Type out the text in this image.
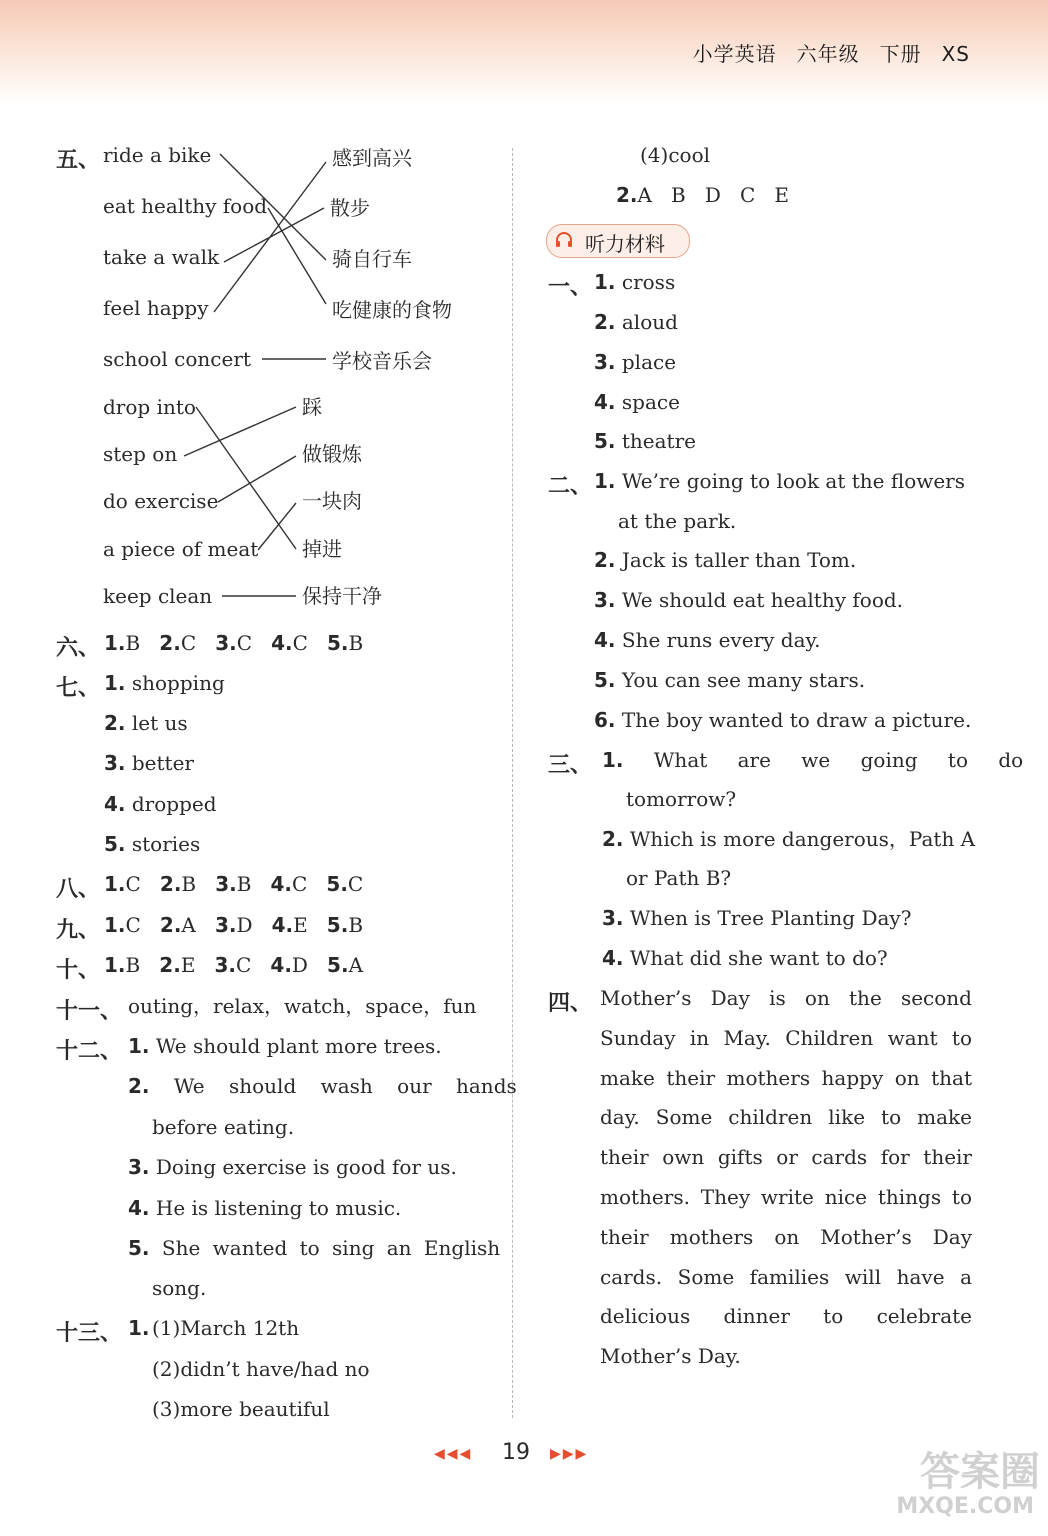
小学英语 六年级 下册 XS
五、 ride a bike
eat healthy food
take a walk
feel happy
school concert
drop into
step on
do exercise
a piece of meat
keep clean
感到高兴
散步
骑自行车
吃健康的食物
学校音乐会
踩
做锻炼
一块肉
掉进
保持干净
六、 1.B 2.C 3.C 4.C 5.B
七、 1. shopping
2. let us
3. better
4. dropped
5. stories
八、 1.C 2.B 3.B 4.C 5.C
九、 1.C 2.A 3.D 4.E 5.B
十、 1.B 2.E 3.C 4.D 5.A
十一、 outing，relax，watch，space，fun
十二、 1. We should plant more trees.
2. We should wash our hands
before eating.
3. Doing exercise is good for us.
4. He is listening to music.
5. She wanted to sing an English
song.
十三、 1. (1)March 12th
(2)didn’t have/had no
(3)more beautiful
(4)cool
2.A B D C E
听力材料
一、 1. cross
2. aloud
3. place
4. space
5. theatre
二、 1. We’re going to look at the flowers
at the park.
2. Jack is taller than Tom.
3. We should eat healthy food.
4. She runs every day.
5. You can see many stars.
6. The boy wanted to draw a picture.
三、 1. What are we going to do
tomorrow?
2. Which is more dangerous，Path A
or Path B?
3. When is Tree Planting Day?
4. What did she want to do?
四、 Mother’s Day is on the second
Sunday in May. Children want to
make their mothers happy on that
day. Some children like to make
their own gifts or cards for their
mothers. They write nice things to
their mothers on Mother’s Day
cards. Some families will have a
delicious dinner to celebrate
Mother’s Day.
◀◀◀ 19 ▶▶▶	答案圈
MXQE.COM
